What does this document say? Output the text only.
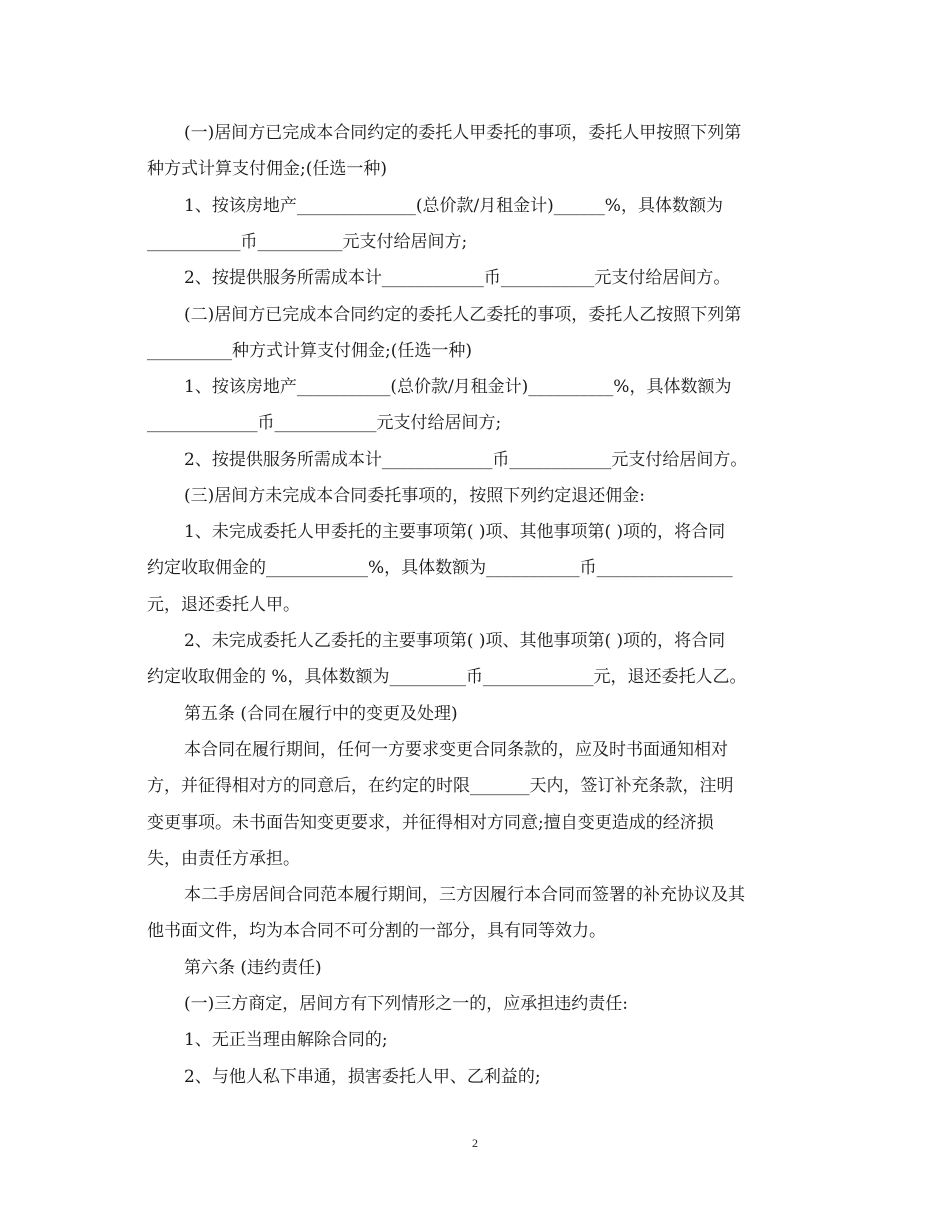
(一)居间方已完成本合同约定的委托人甲委托的事项，委托人甲按照下列第
种方式计算支付佣金;(任选一种)
1、按该房地产______________(总价款/月租金计)______%，具体数额为
___________币__________元支付给居间方;
2、按提供服务所需成本计____________币___________元支付给居间方。
(二)居间方已完成本合同约定的委托人乙委托的事项，委托人乙按照下列第
__________种方式计算支付佣金;(任选一种)
1、按该房地产___________(总价款/月租金计)__________%，具体数额为
_____________币____________元支付给居间方;
2、按提供服务所需成本计_____________币____________元支付给居间方。
(三)居间方未完成本合同委托事项的，按照下列约定退还佣金:
1、未完成委托人甲委托的主要事项第( )项、其他事项第( )项的，将合同
约定收取佣金的____________%，具体数额为___________币________________
元，退还委托人甲。
2、未完成委托人乙委托的主要事项第( )项、其他事项第( )项的，将合同
约定收取佣金的 %，具体数额为_________币_____________元，退还委托人乙。
第五条 (合同在履行中的变更及处理)
本合同在履行期间，任何一方要求变更合同条款的，应及时书面通知相对
方，并征得相对方的同意后，在约定的时限_______天内，签订补充条款，注明
变更事项。未书面告知变更要求，并征得相对方同意;擅自变更造成的经济损
失，由责任方承担。
本二手房居间合同范本履行期间，三方因履行本合同而签署的补充协议及其
他书面文件，均为本合同不可分割的一部分，具有同等效力。
第六条 (违约责任)
(一)三方商定，居间方有下列情形之一的，应承担违约责任:
1、无正当理由解除合同的;
2、与他人私下串通，损害委托人甲、乙利益的;
2
